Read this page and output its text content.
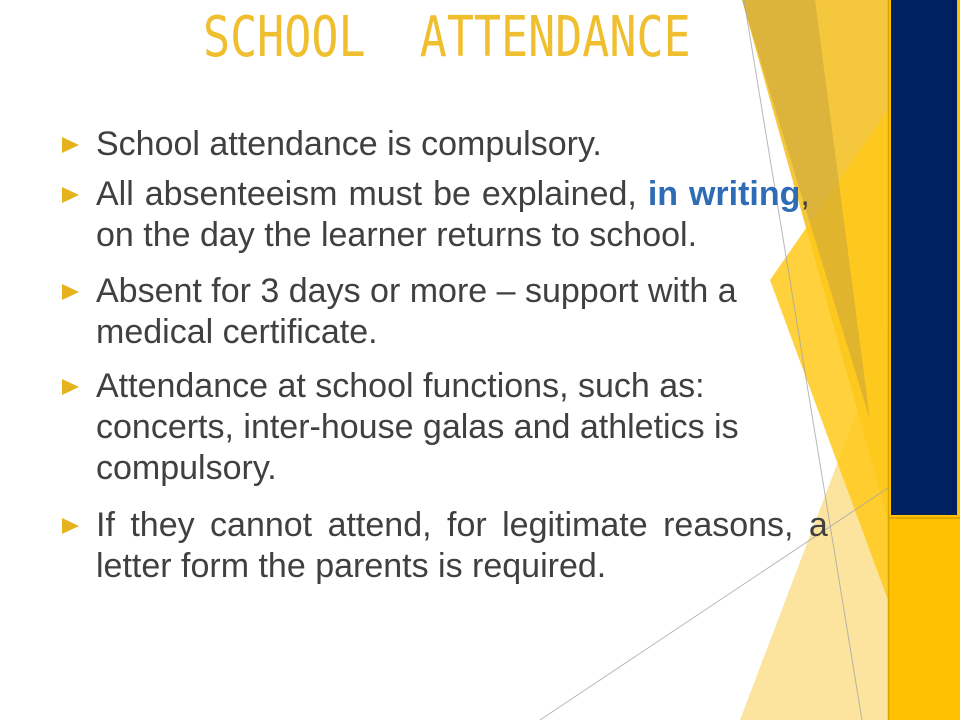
SCHOOL  ATTENDANCE
School attendance is compulsory.
All absenteeism must be explained, in writing,
on the day the learner returns to school.
Absent for 3 days or more – support with a
medical certificate.
Attendance at school functions, such as:
concerts, inter-house galas and athletics is
compulsory.
If they cannot attend, for legitimate reasons, a
letter form the parents is required.
